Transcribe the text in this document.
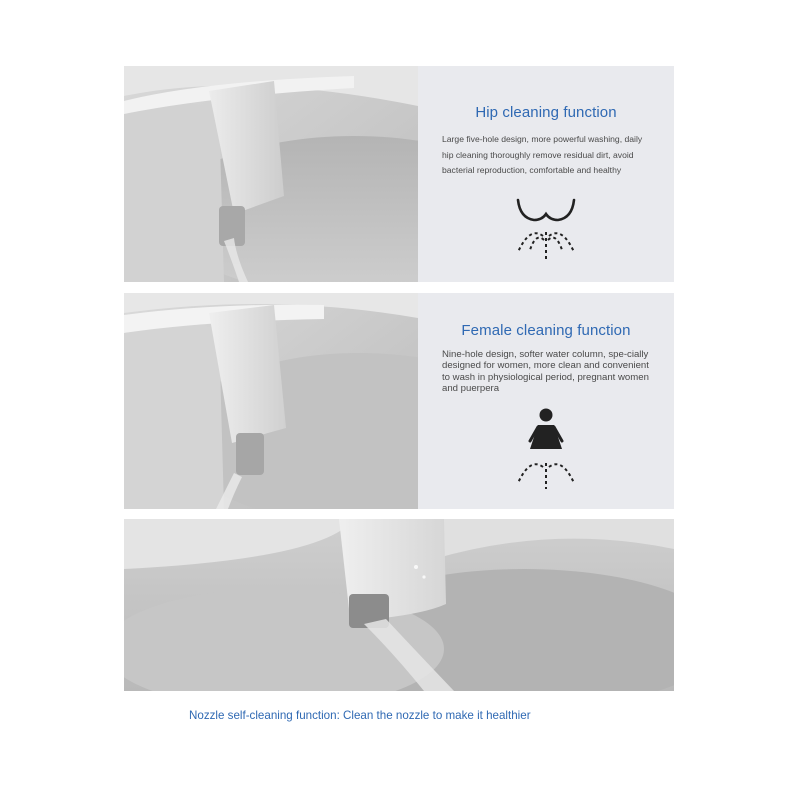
Hip cleaning function
Large five-hole design, more powerful washing, daily hip cleaning thoroughly remove residual dirt, avoid bacterial reproduction, comfortable and healthy
Female cleaning function
Nine-hole design, softer water column, spe-cially designed for women, more clean and convenient to wash in physiological period, pregnant women and puerpera
Nozzle self-cleaning function: Clean the nozzle to make it healthier
